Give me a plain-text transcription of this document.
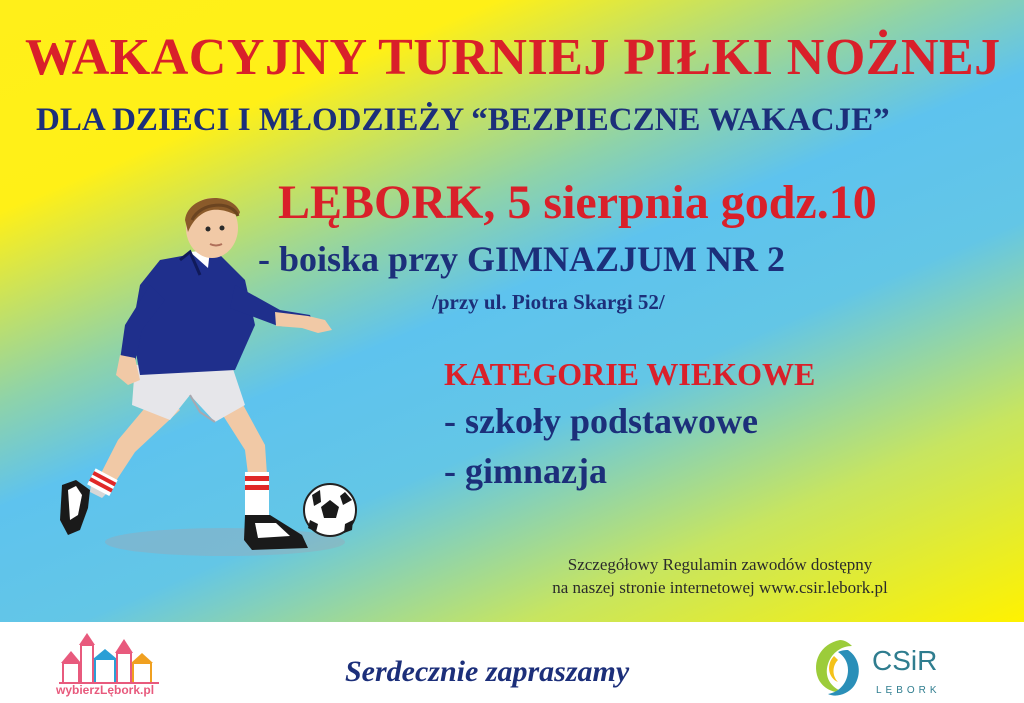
WAKACYJNY TURNIEJ PIŁKI NOŻNEJ

DLA DZIECI I MŁODZIEŻY “BEZPIECZNE WAKACJE”

LĘBORK, 5 sierpnia godz.10

- boiska przy GIMNAZJUM NR 2

/przy ul. Piotra Skargi 52/

KATEGORIE WIEKOWE

- szkoły podstawowe

- gimnazja

Szczegółowy Regulamin zawodów dostępny
na naszej stronie internetowej www.csir.lebork.pl
wybierzLębork.pl
Serdecznie zapraszamy	CSiR
LĘBORK
